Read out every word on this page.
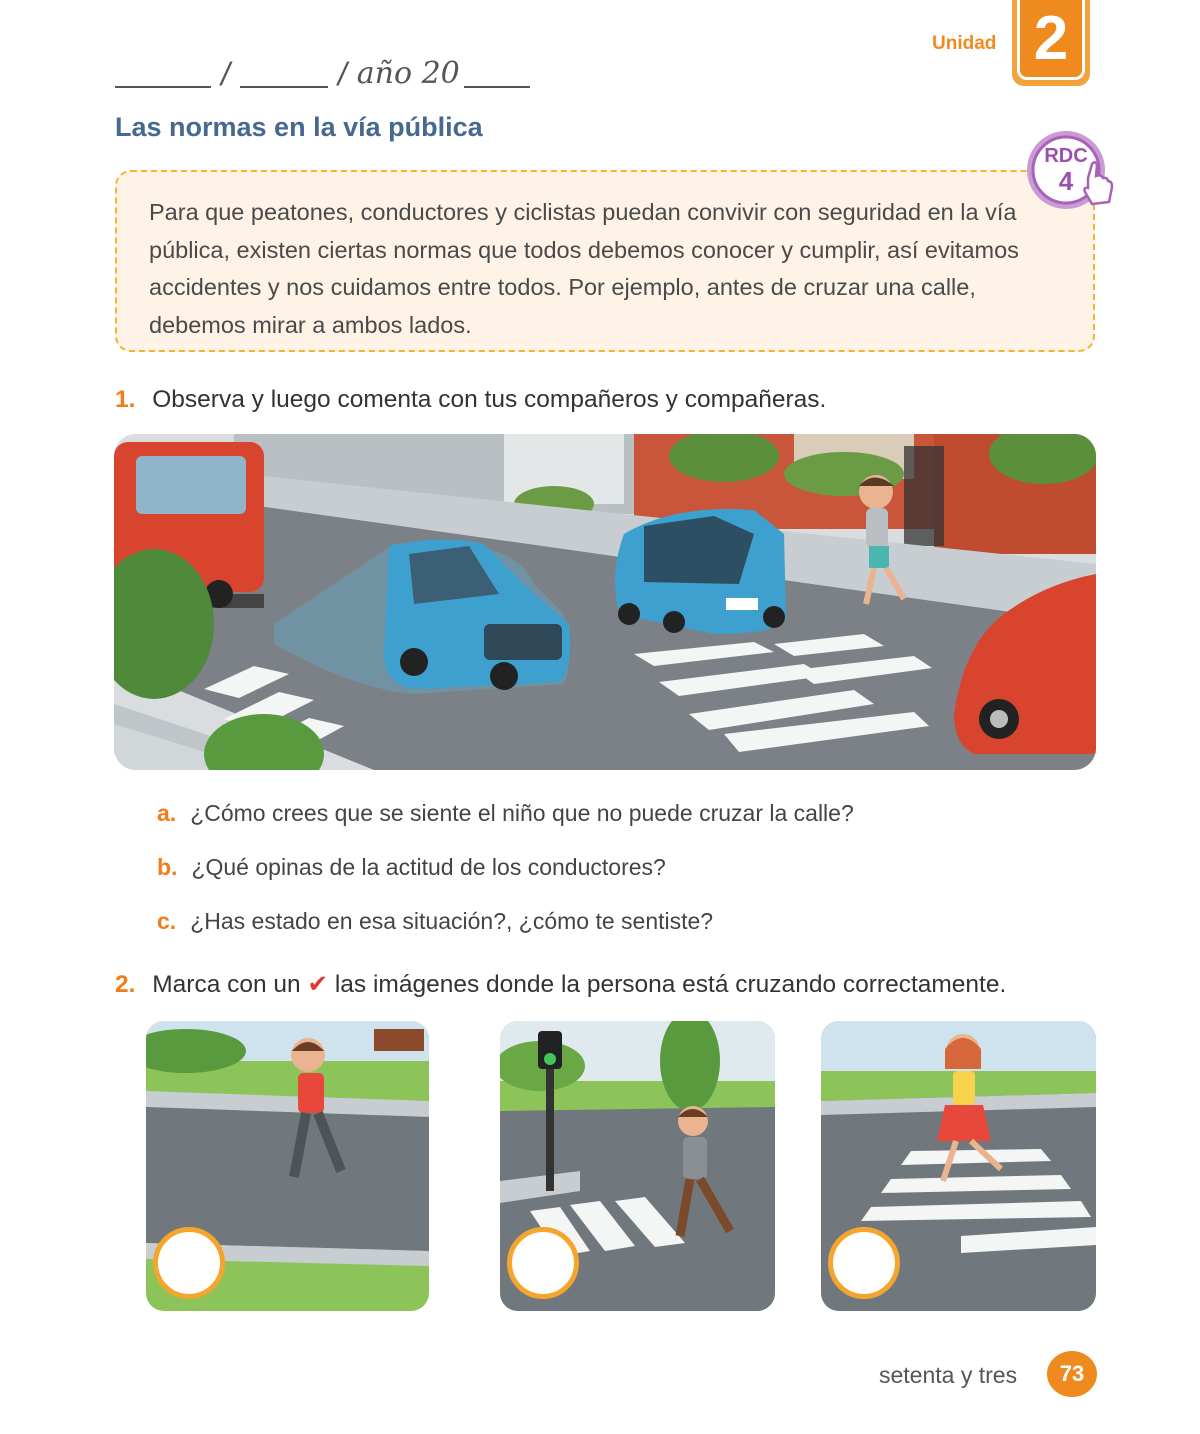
/	/ año 20
Unidad 2
Las normas en la vía pública
Para que peatones, conductores y ciclistas puedan convivir con seguridad en la vía pública, existen ciertas normas que todos debemos conocer y cumplir, así evitamos accidentes y nos cuidamos entre todos. Por ejemplo, antes de cruzar una calle, debemos mirar a ambos lados.
RDC
4
1. Observa y luego comenta con tus compañeros y compañeras.
a. ¿Cómo crees que se siente el niño que no puede cruzar la calle?
b. ¿Qué opinas de la actitud de los conductores?
c. ¿Has estado en esa situación?, ¿cómo te sentiste?
2. Marca con un ✔ las imágenes donde la persona está cruzando correctamente.
setenta y tres	73
